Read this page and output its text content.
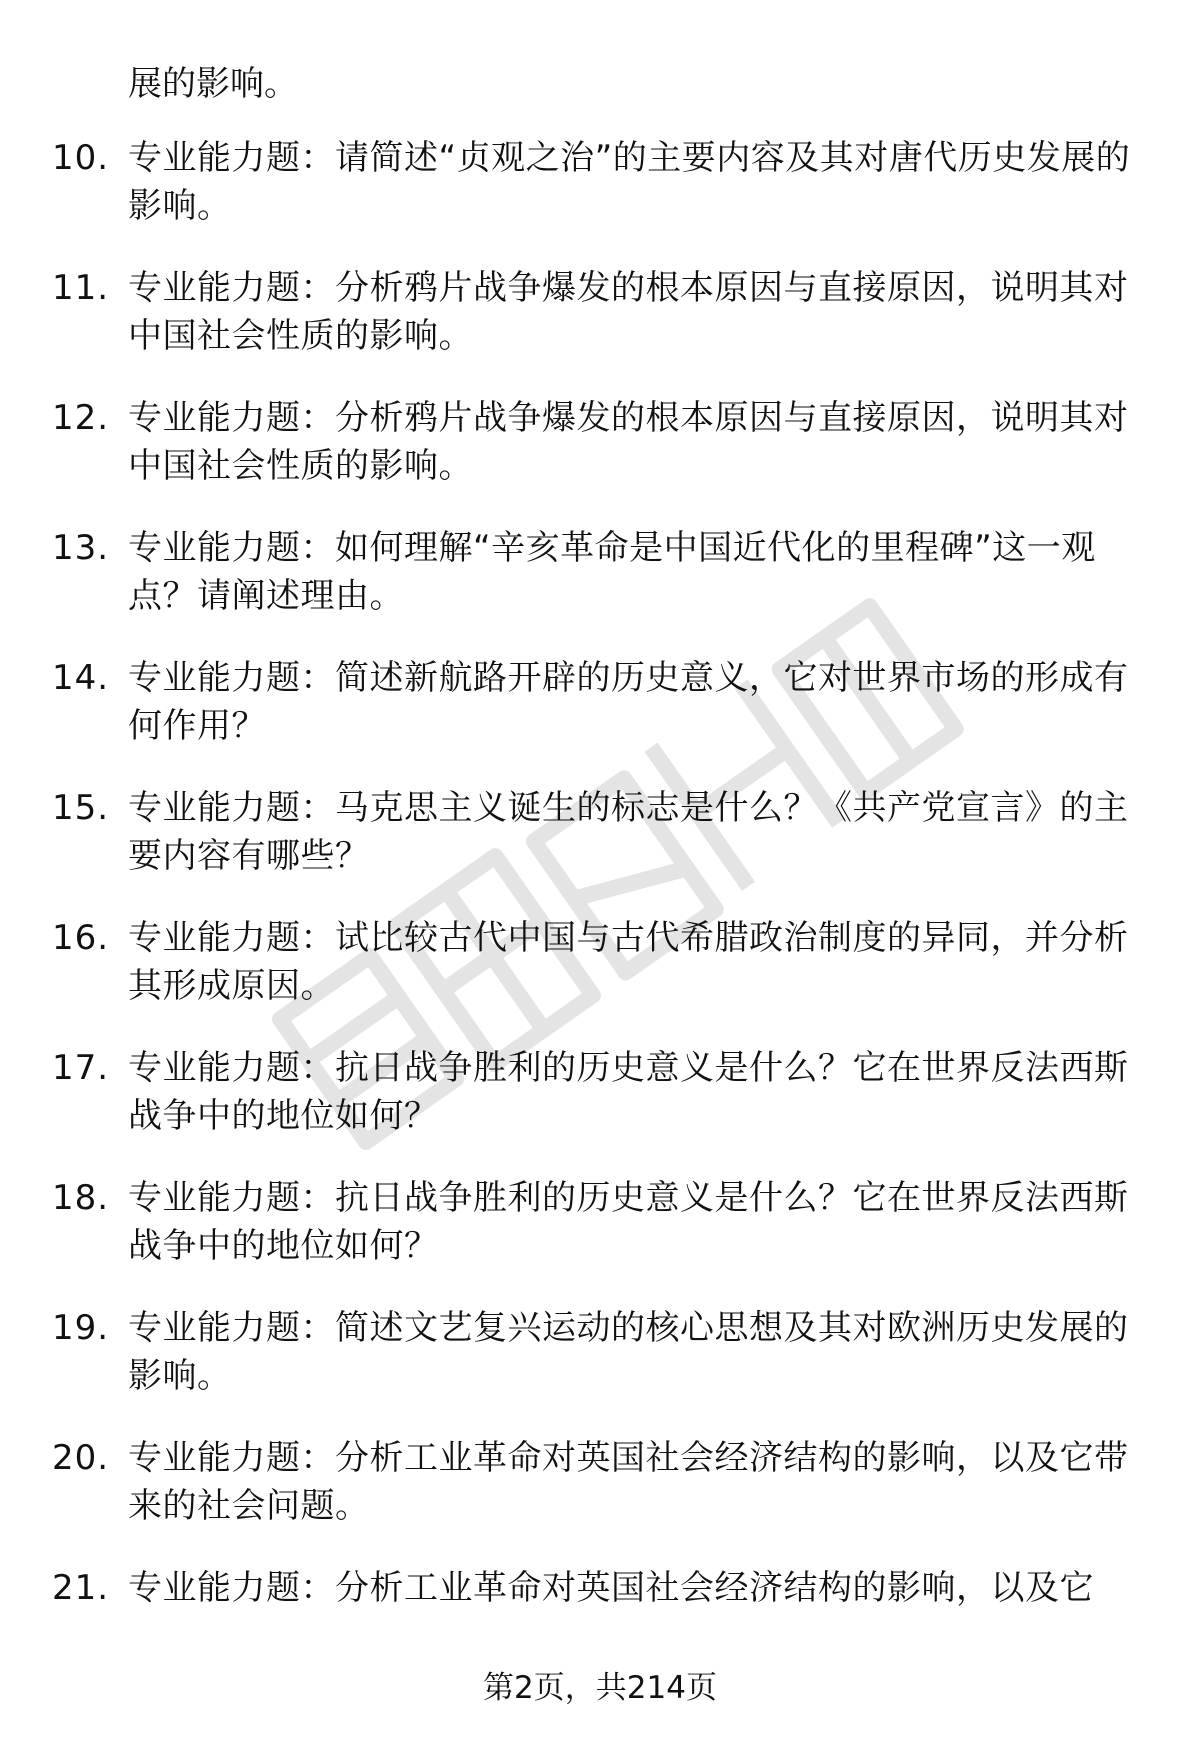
展的影响。

10. 专业能力题：请简述“贞观之治”的主要内容及其对唐代历史发展的影响。
11. 专业能力题：分析鸦片战争爆发的根本原因与直接原因，说明其对中国社会性质的影响。
12. 专业能力题：分析鸦片战争爆发的根本原因与直接原因，说明其对中国社会性质的影响。
13. 专业能力题：如何理解“辛亥革命是中国近代化的里程碑”这一观点？请阐述理由。
14. 专业能力题：简述新航路开辟的历史意义，它对世界市场的形成有何作用？
15. 专业能力题：马克思主义诞生的标志是什么？《共产党宣言》的主要内容有哪些？
16. 专业能力题：试比较古代中国与古代希腊政治制度的异同，并分析其形成原因。
17. 专业能力题：抗日战争胜利的历史意义是什么？它在世界反法西斯战争中的地位如何？
18. 专业能力题：抗日战争胜利的历史意义是什么？它在世界反法西斯战争中的地位如何？
19. 专业能力题：简述文艺复兴运动的核心思想及其对欧洲历史发展的影响。
20. 专业能力题：分析工业革命对英国社会经济结构的影响，以及它带来的社会问题。
21. 专业能力题：分析工业革命对英国社会经济结构的影响，以及它
第2页，共214页
